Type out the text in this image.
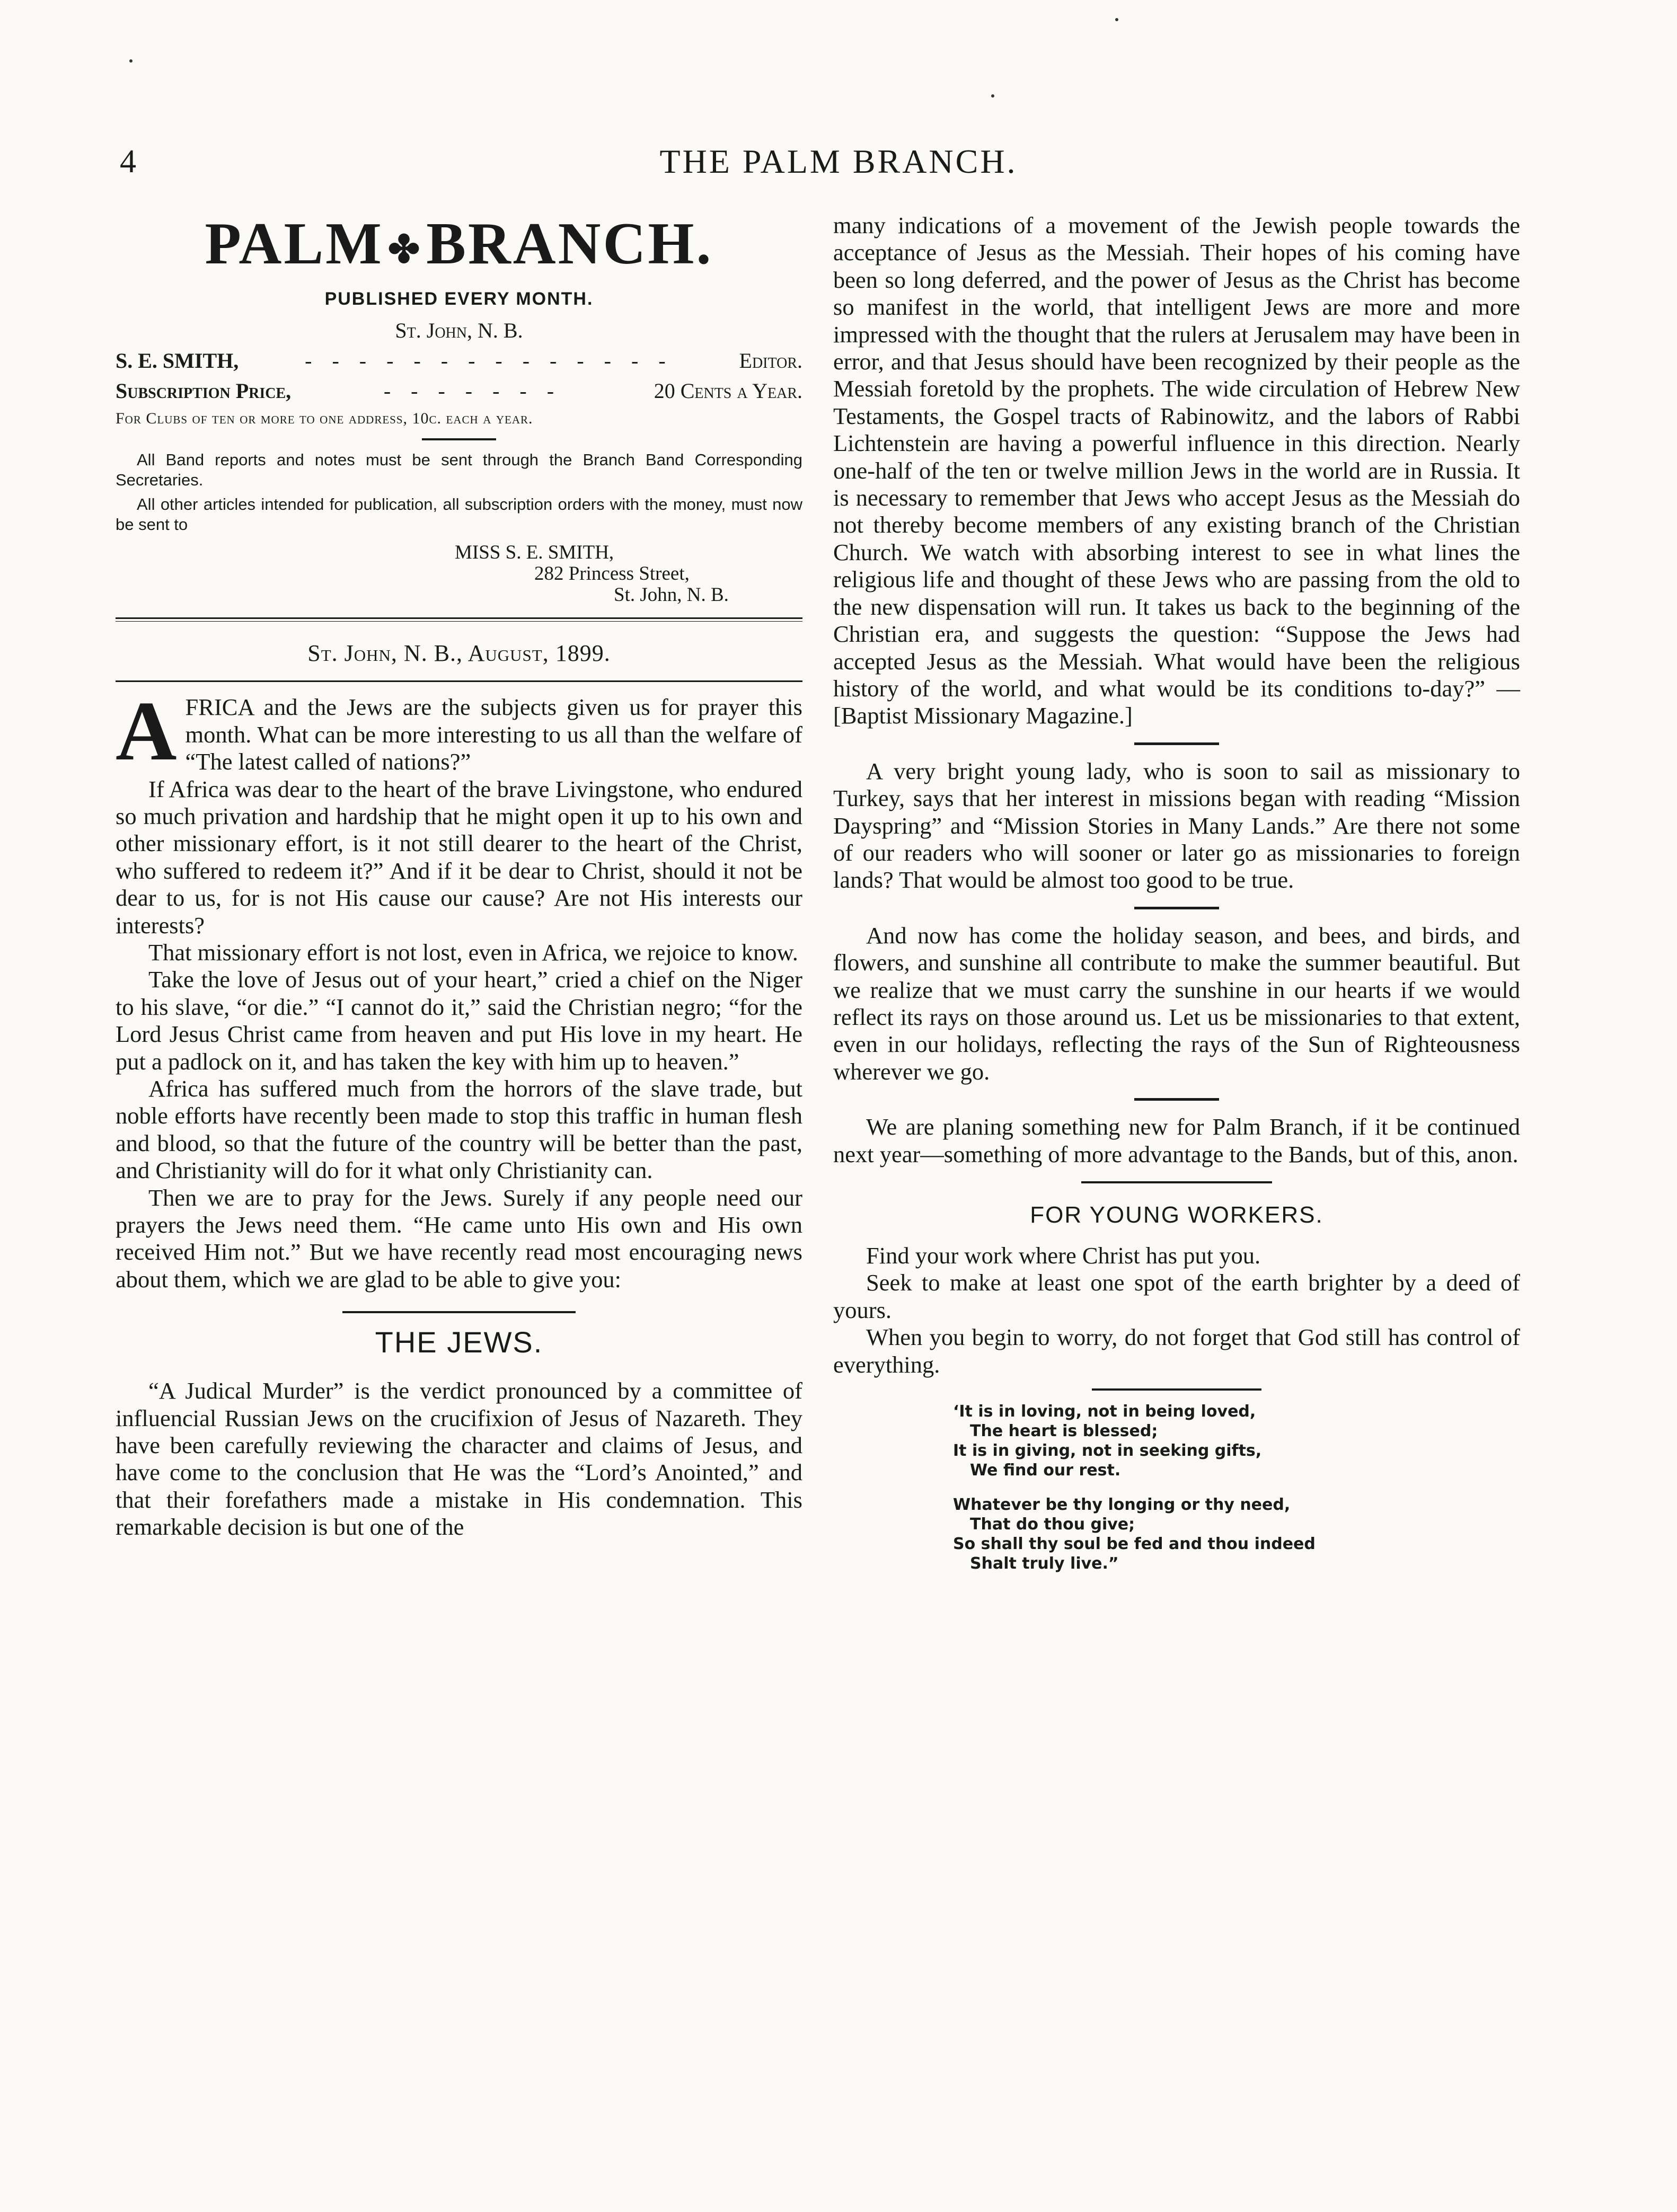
4	THE PALM BRANCH.
PALM ✤BRANCH.
PUBLISHED EVERY MONTH.
St. John, N. B.
S. E. SMITH,	- - - - - - - - - - - - - -	Editor.
Subscription Price,	- - - - - - -	20 Cents a Year.
For Clubs of ten or more to one address, 10c. each a year.

All Band reports and notes must be sent through the Branch Band Corresponding Secretaries.

All other articles intended for publication, all subscription orders with the money, must now be sent to

MISS S. E. SMITH,
282 Princess Street,
St. John, N. B.
St. John, N. B., August, 1899.

AFRICA and the Jews are the subjects given us for prayer this month. What can be more interesting to us all than the welfare of “The latest called of nations?”

If Africa was dear to the heart of the brave Livingstone, who endured so much privation and hardship that he might open it up to his own and other missionary effort, is it not still dearer to the heart of the Christ, who suffered to redeem it?” And if it be dear to Christ, should it not be dear to us, for is not His cause our cause? Are not His interests our interests?

That missionary effort is not lost, even in Africa, we rejoice to know.

Take the love of Jesus out of your heart,” cried a chief on the Niger to his slave, “or die.” “I cannot do it,” said the Christian negro; “for the Lord Jesus Christ came from heaven and put His love in my heart. He put a padlock on it, and has taken the key with him up to heaven.”

Africa has suffered much from the horrors of the slave trade, but noble efforts have recently been made to stop this traffic in human flesh and blood, so that the future of the country will be better than the past, and Christianity will do for it what only Christianity can.

Then we are to pray for the Jews. Surely if any people need our prayers the Jews need them. “He came unto His own and His own received Him not.” But we have recently read most encouraging news about them, which we are glad to be able to give you:

THE JEWS.

“A Judical Murder” is the verdict pronounced by a committee of influencial Russian Jews on the crucifixion of Jesus of Nazareth. They have been carefully reviewing the character and claims of Jesus, and have come to the conclusion that He was the “Lord’s Anointed,” and that their forefathers made a mistake in His condemnation. This remarkable decision is but one of the

many indications of a movement of the Jewish people towards the acceptance of Jesus as the Messiah. Their hopes of his coming have been so long deferred, and the power of Jesus as the Christ has become so manifest in the world, that intelligent Jews are more and more impressed with the thought that the rulers at Jerusalem may have been in error, and that Jesus should have been recognized by their people as the Messiah foretold by the prophets. The wide circulation of Hebrew New Testaments, the Gospel tracts of Rabinowitz, and the labors of Rabbi Lichtenstein are having a powerful influence in this direction. Nearly one-half of the ten or twelve million Jews in the world are in Russia. It is necessary to remember that Jews who accept Jesus as the Messiah do not thereby become members of any existing branch of the Christian Church. We watch with absorbing interest to see in what lines the religious life and thought of these Jews who are passing from the old to the new dispensation will run. It takes us back to the beginning of the Christian era, and suggests the question: “Suppose the Jews had accepted Jesus as the Messiah. What would have been the religious history of the world, and what would be its conditions to-day?” —[Baptist Missionary Magazine.]

A very bright young lady, who is soon to sail as missionary to Turkey, says that her interest in missions began with reading “Mission Dayspring” and “Mission Stories in Many Lands.” Are there not some of our readers who will sooner or later go as missionaries to foreign lands? That would be almost too good to be true.

And now has come the holiday season, and bees, and birds, and flowers, and sunshine all contribute to make the summer beautiful. But we realize that we must carry the sunshine in our hearts if we would reflect its rays on those around us. Let us be missionaries to that extent, even in our holidays, reflecting the rays of the Sun of Righteousness wherever we go.

We are planing something new for Palm Branch, if it be continued next year—something of more advantage to the Bands, but of this, anon.

FOR YOUNG WORKERS.

Find your work where Christ has put you.

Seek to make at least one spot of the earth brighter by a deed of yours.

When you begin to worry, do not forget that God still has control of everything.

‘It is in loving, not in being loved,
The heart is blessed;
It is in giving, not in seeking gifts,
We find our rest.
Whatever be thy longing or thy need,
That do thou give;
So shall thy soul be fed and thou indeed
Shalt truly live.”
